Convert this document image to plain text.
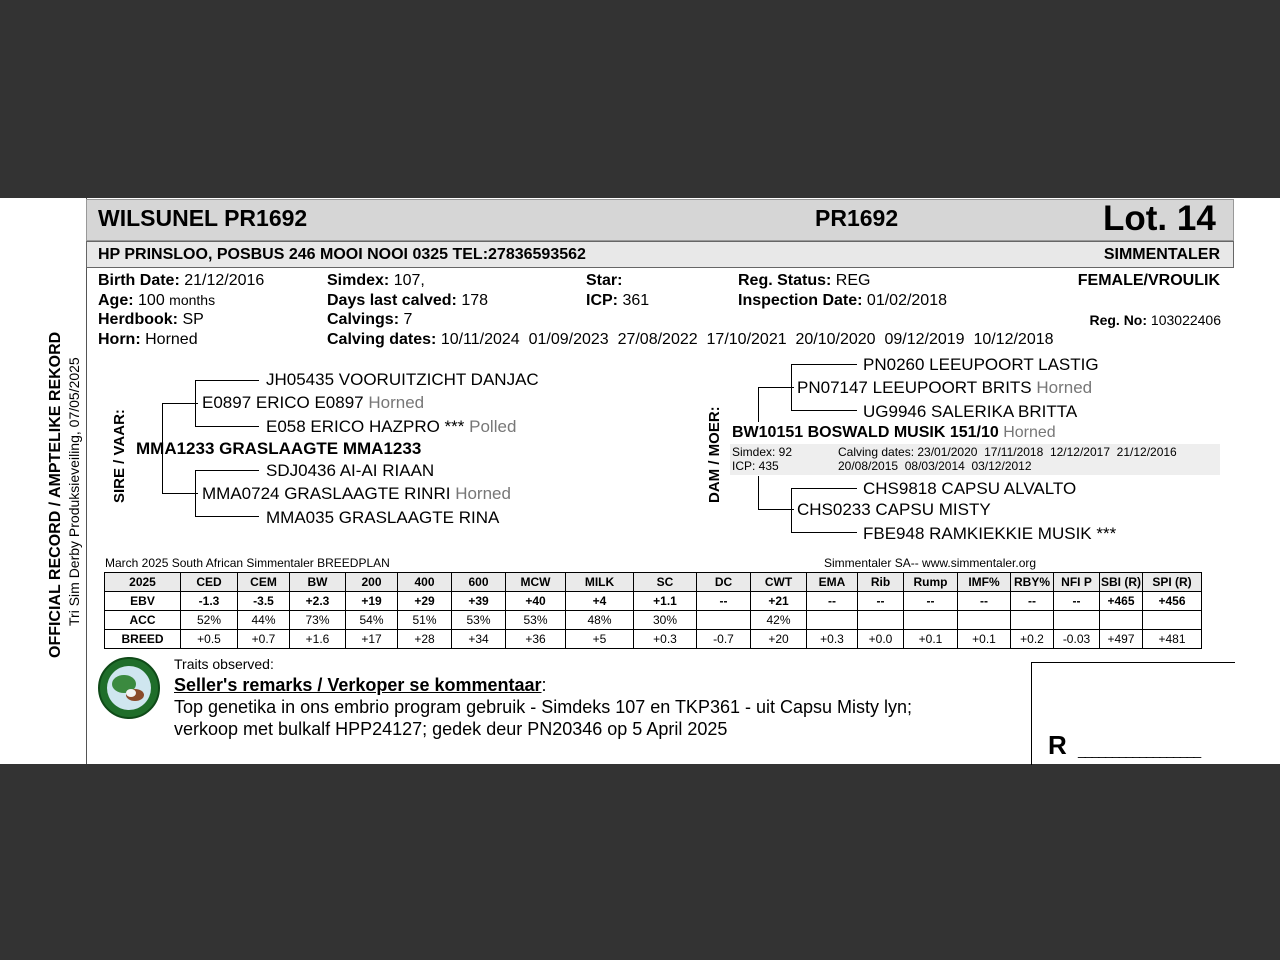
WILSUNEL PR1692	PR1692	Lot. 14
HP PRINSLOO, POSBUS 246 MOOI NOOI 0325 TEL:27836593562	SIMMENTALER
OFFICIAL RECORD / AMPTELIKE REKORD Tri Sim Derby Produksieveiling, 07/05/2025
Birth Date: 21/12/2016
Age: 100 months
Herdbook: SP
Horn: Horned
Simdex: 107,
Days last calved: 178
Calvings: 7
Calving dates: 10/11/2024  01/09/2023  27/08/2022  17/10/2021  20/10/2020  09/12/2019  10/12/2018
Star:
ICP: 361
Reg. Status: REG
Inspection Date: 01/02/2018
FEMALE/VROULIK
Reg. No: 103022406
SIRE / VAAR:
JH05435 VOORUITZICHT DANJAC
E0897 ERICO E0897 Horned
E058 ERICO HAZPRO *** Polled
MMA1233 GRASLAAGTE MMA1233
SDJ0436 AI-AI RIAAN
MMA0724 GRASLAAGTE RINRI Horned
MMA035 GRASLAAGTE RINA
DAM / MOER:
PN0260 LEEUPOORT LASTIG
PN07147 LEEUPOORT BRITS Horned
UG9946 SALERIKA BRITTA
BW10151 BOSWALD MUSIK 151/10 Horned
Simdex: 92
ICP: 435
Calving dates: 23/01/2020  17/11/2018  12/12/2017  21/12/2016
20/08/2015  08/03/2014  03/12/2012
CHS9818 CAPSU ALVALTO
CHS0233 CAPSU MISTY
FBE948 RAMKIEKKIE MUSIK ***
March 2025 South African Simmentaler BREEDPLAN	Simmentaler SA-- www.simmentaler.org
2025	CED	CEM	BW	200	400	600	MCW	MILK	SC	DC	CWT	EMA	Rib	Rump	IMF%	RBY%	NFI P	SBI (R)	SPI (R)
EBV	-1.3	-3.5	+2.3	+19	+29	+39	+40	+4	+1.1	--	+21	--	--	--	--	--	--	+465	+456
ACC	52%	44%	73%	54%	51%	53%	53%	48%	30%		42%								
BREED	+0.5	+0.7	+1.6	+17	+28	+34	+36	+5	+0.3	-0.7	+20	+0.3	+0.0	+0.1	+0.1	+0.2	-0.03	+497	+481
Traits observed:
Seller's remarks / Verkoper se kommentaar:
Top genetika in ons embrio program gebruik - Simdeks 107 en TKP361 - uit Capsu Misty lyn;
verkoop met bulkalf HPP24127; gedek deur PN20346 op 5 April 2025
R __________________
